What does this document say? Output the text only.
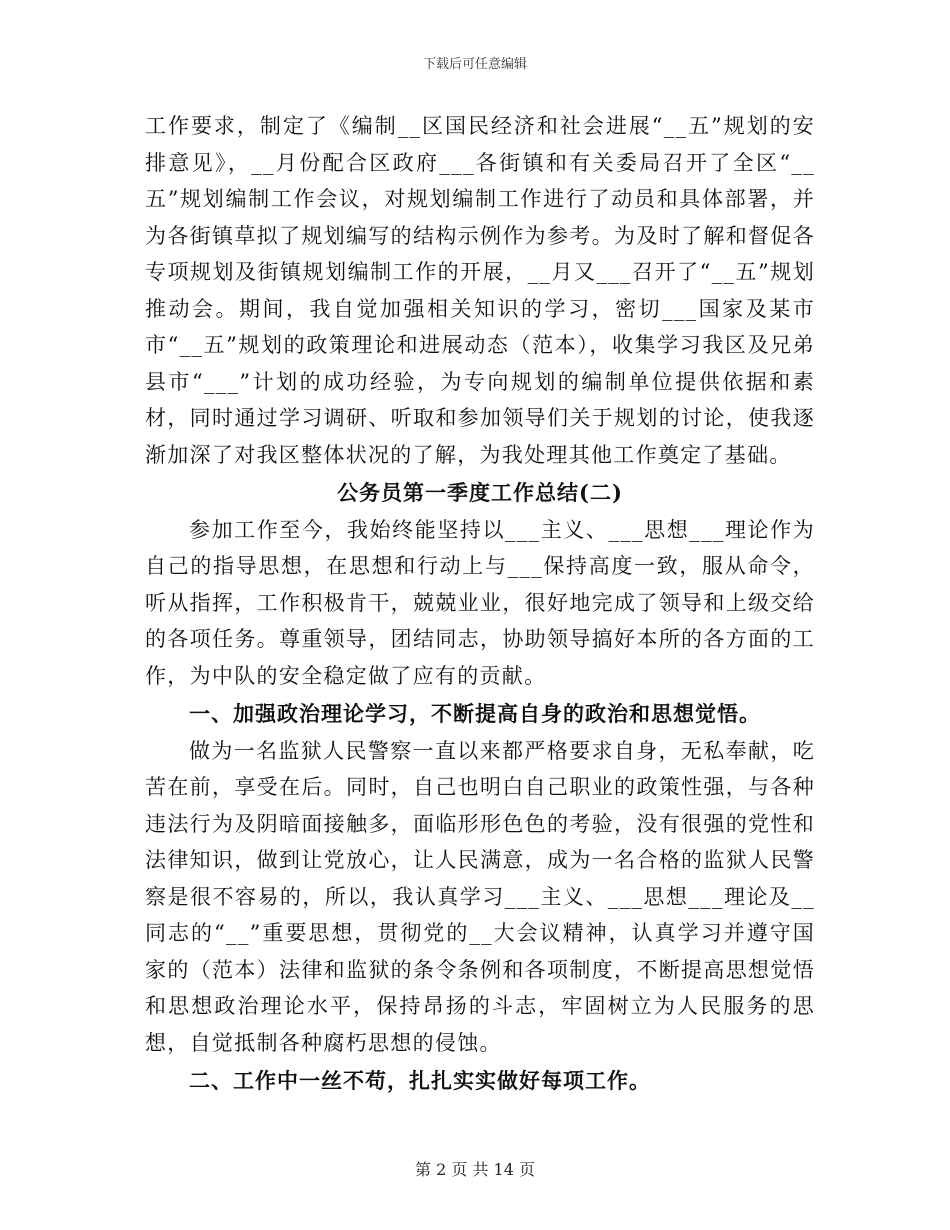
下载后可任意编辑

工作要求，制定了《编制__区国民经济和社会进展“__五”规划的安排意见》，__月份配合区政府___各街镇和有关委局召开了全区“__五”规划编制工作会议，对规划编制工作进行了动员和具体部署，并为各街镇草拟了规划编写的结构示例作为参考。为及时了解和督促各专项规划及街镇规划编制工作的开展，__月又___召开了“__五”规划推动会。期间，我自觉加强相关知识的学习，密切___国家及某市市“__五”规划的政策理论和进展动态（范本），收集学习我区及兄弟县市“___”计划的成功经验，为专向规划的编制单位提供依据和素材，同时通过学习调研、听取和参加领导们关于规划的讨论，使我逐渐加深了对我区整体状况的了解，为我处理其他工作奠定了基础。

公务员第一季度工作总结(二)

参加工作至今，我始终能坚持以___主义、___思想___理论作为自己的指导思想，在思想和行动上与___保持高度一致，服从命令，听从指挥，工作积极肯干，兢兢业业，很好地完成了领导和上级交给的各项任务。尊重领导，团结同志，协助领导搞好本所的各方面的工作，为中队的安全稳定做了应有的贡献。

一、加强政治理论学习，不断提高自身的政治和思想觉悟。

做为一名监狱人民警察一直以来都严格要求自身，无私奉献，吃苦在前，享受在后。同时，自己也明白自己职业的政策性强，与各种违法行为及阴暗面接触多，面临形形色色的考验，没有很强的党性和法律知识，做到让党放心，让人民满意，成为一名合格的监狱人民警察是很不容易的，所以，我认真学习___主义、___思想___理论及__同志的“__”重要思想，贯彻党的__大会议精神，认真学习并遵守国家的（范本）法律和监狱的条令条例和各项制度，不断提高思想觉悟和思想政治理论水平，保持昂扬的斗志，牢固树立为人民服务的思想，自觉抵制各种腐朽思想的侵蚀。

二、工作中一丝不苟，扎扎实实做好每项工作。

第 2 页 共 14 页
